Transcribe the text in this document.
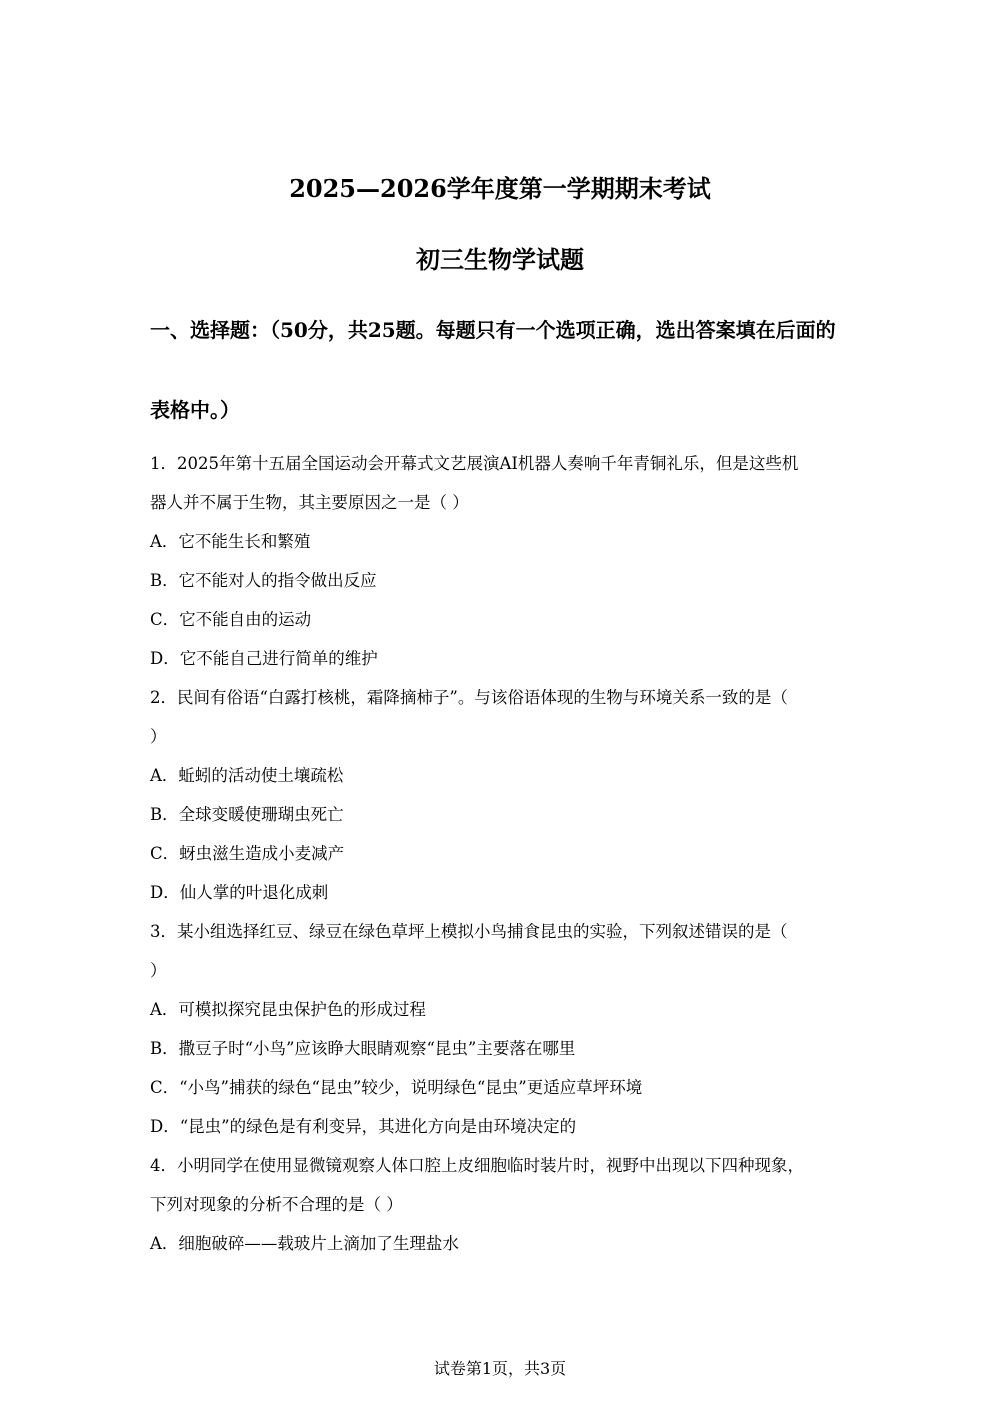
2025—2026学年度第一学期期末考试
初三生物学试题
一、选择题：（50分，共25题。每题只有一个选项正确，选出答案填在后面的
表格中。）
1．2025年第十五届全国运动会开幕式文艺展演AI机器人奏响千年青铜礼乐，但是这些机
器人并不属于生物，其主要原因之一是（ ）
A．它不能生长和繁殖
B．它不能对人的指令做出反应
C．它不能自由的运动
D．它不能自己进行简单的维护
2．民间有俗语“白露打核桃，霜降摘柿子”。与该俗语体现的生物与环境关系一致的是（
）
A．蚯蚓的活动使土壤疏松
B．全球变暖使珊瑚虫死亡
C．蚜虫滋生造成小麦减产
D．仙人掌的叶退化成刺
3．某小组选择红豆、绿豆在绿色草坪上模拟小鸟捕食昆虫的实验，下列叙述错误的是（
）
A．可模拟探究昆虫保护色的形成过程
B．撒豆子时“小鸟”应该睁大眼睛观察“昆虫”主要落在哪里
C．“小鸟”捕获的绿色“昆虫”较少，说明绿色“昆虫”更适应草坪环境
D．“昆虫”的绿色是有利变异，其进化方向是由环境决定的
4．小明同学在使用显微镜观察人体口腔上皮细胞临时装片时，视野中出现以下四种现象，
下列对现象的分析不合理的是（ ）
A．细胞破碎——载玻片上滴加了生理盐水
试卷第1页，共3页
